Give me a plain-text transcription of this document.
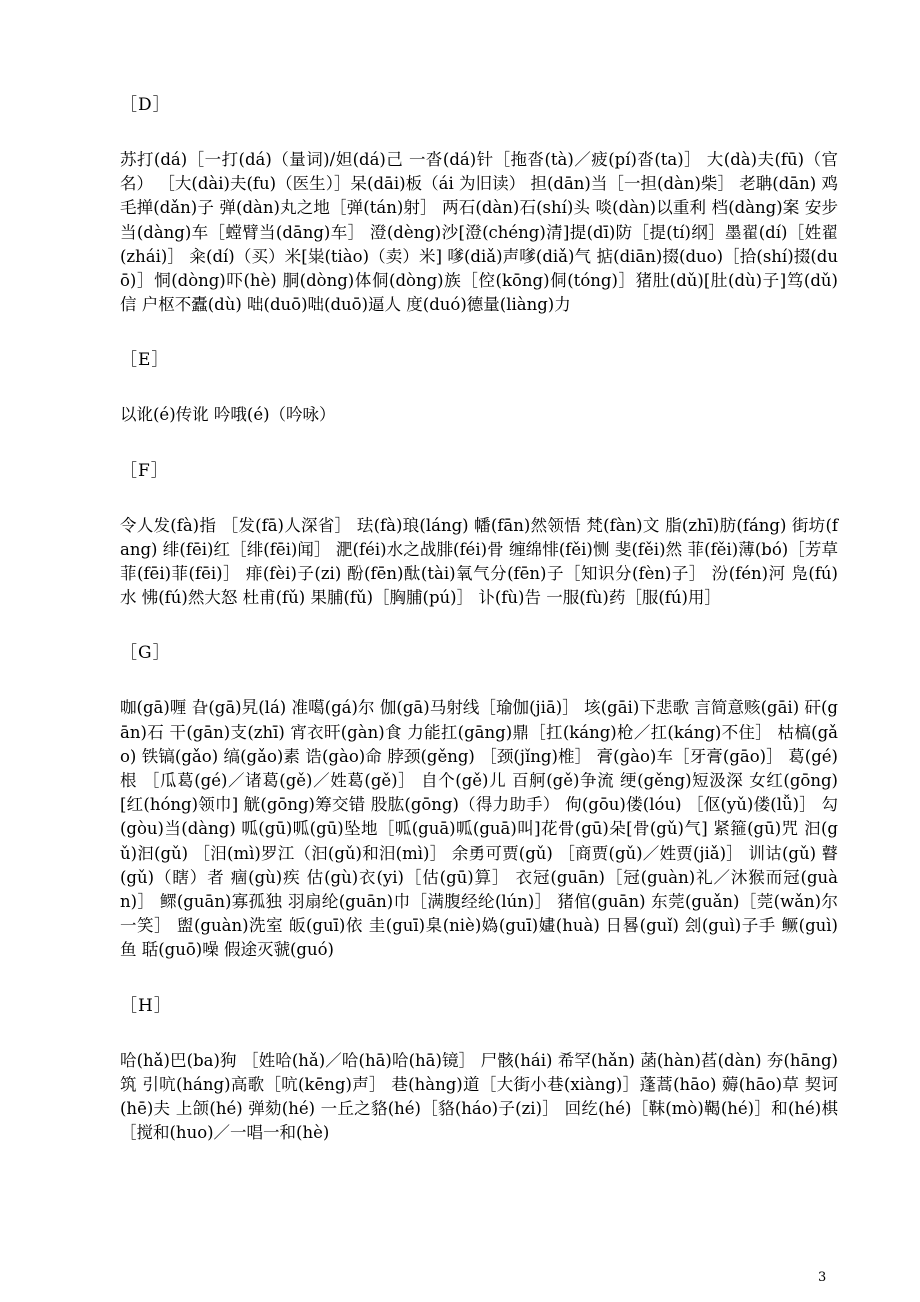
［D］
苏打(dá)［一打(dá)（量词)/妲(dá)己 一沓(dá)针［拖沓(tà)／疲(pí)沓(ta)］ 大(dà)夫(fū)（官名） ［大(dài)夫(fu)（医生）］呆(dāi)板（ái 为旧读） 担(dān)当［一担(dàn)柴］ 老聃(dān) 鸡毛掸(dǎn)子 弹(dàn)丸之地［弹(tán)射］ 两石(dàn)石(shí)头 啖(dàn)以重利 档(dàng)案 安步当(dàng)车［螳臂当(dāng)车］ 澄(dèng)沙[澄(chéng)清]提(dī)防［提(tí)纲］墨翟(dí)［姓翟(zhái)］ 籴(dí)（买）米[粜(tiào)（卖）米] 嗲(diǎ)声嗲(diǎ)气 掂(diān)掇(duo)［拾(shí)掇(duō)］恫(dòng)吓(hè) 胴(dòng)体侗(dòng)族［倥(kōng)侗(tóng)］猪肚(dǔ)[肚(dù)子]笃(dǔ)信 户枢不蠹(dù) 咄(duō)咄(duō)逼人 度(duó)德量(liàng)力
［E］
以讹(é)传讹 吟哦(é)（吟咏）
［F］
令人发(fà)指 ［发(fā)人深省］ 珐(fà)琅(láng) 幡(fān)然领悟 梵(fàn)文 脂(zhī)肪(fáng) 街坊(fang) 绯(fēi)红［绯(fēi)闻］ 淝(féi)水之战腓(féi)骨 缠绵悱(fěi)恻 斐(fěi)然 菲(fěi)薄(bó)［芳草菲(fēi)菲(fēi)］ 痱(fèi)子(zi) 酚(fēn)酞(tài)氧气分(fēn)子［知识分(fèn)子］ 汾(fén)河 凫(fú)水 怫(fú)然大怒 杜甫(fǔ) 果脯(fǔ)［胸脯(pú)］ 讣(fù)告 一服(fù)药［服(fú)用］
［G］
咖(gā)喱 旮(gā)旯(lá) 准噶(gá)尔 伽(gā)马射线［瑜伽(jiā)］ 垓(gāi)下悲歌 言简意赅(gāi) 矸(gān)石 干(gān)支(zhī) 宵衣旰(gàn)食 力能扛(gāng)鼎［扛(káng)枪／扛(káng)不住］ 枯槁(gǎo) 铁镐(gǎo) 缟(gǎo)素 诰(gào)命 脖颈(gěng) ［颈(jǐng)椎］ 膏(gào)车［牙膏(gāo)］ 葛(gé)根 ［瓜葛(gé)／诸葛(gě)／姓葛(gě)］ 自个(gě)儿 百舸(gě)争流 绠(gěng)短汲深 女红(gōng)[红(hóng)领巾] 觥(gōng)筹交错 股肱(gōng)（得力助手） 佝(gōu)偻(lóu) ［伛(yǔ)偻(lǚ)］ 勾(gòu)当(dàng) 呱(gū)呱(gū)坠地［呱(guā)呱(guā)叫]花骨(gū)朵[骨(gǔ)气] 紧箍(gū)咒 汩(gǔ)汩(gǔ) ［汨(mì)罗江（汩(gǔ)和汨(mì)］ 余勇可贾(gǔ) ［商贾(gǔ)／姓贾(jiǎ)］ 训诂(gǔ) 瞽(gǔ)（瞎）者 痼(gù)疾 估(gù)衣(yi)［估(gū)算］ 衣冠(guān)［冠(guàn)礼／沐猴而冠(guàn)］ 鳏(guān)寡孤独 羽扇纶(guān)巾［满腹经纶(lún)］ 猪倌(guān) 东莞(guǎn)［莞(wǎn)尔一笑］ 盥(guàn)洗室 皈(guī)依 圭(guī)臬(niè)媯(guī)嫿(huà) 日晷(guǐ) 刽(guì)子手 鳜(guì)鱼 聒(guō)噪 假途灭虢(guó)
［H］
哈(hǎ)巴(ba)狗 ［姓哈(hǎ)／哈(hā)哈(hā)镜］ 尸骸(hái) 希罕(hǎn) 菡(hàn)萏(dàn) 夯(hāng)筑 引吭(háng)高歌［吭(kēng)声］ 巷(hàng)道［大街小巷(xiàng)］蓬蒿(hāo) 薅(hāo)草 契诃(hē)夫 上颌(hé) 弹劾(hé) 一丘之貉(hé)［貉(háo)子(zi)］ 回纥(hé)［靺(mò)鞨(hé)］和(hé)棋［搅和(huo)／一唱一和(hè)
3
